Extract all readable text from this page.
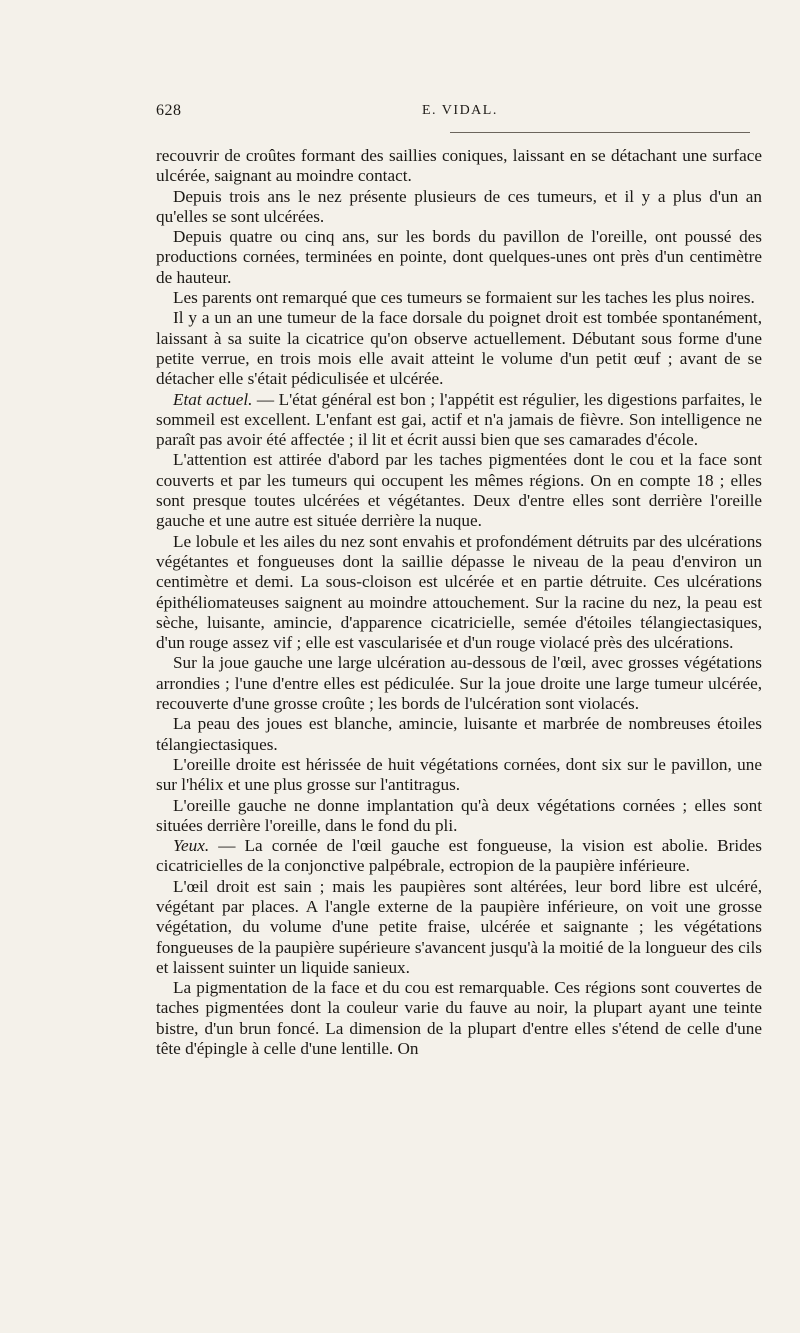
628	E. VIDAL.

recouvrir de croûtes formant des saillies coniques, laissant en se détachant une surface ulcérée, saignant au moindre contact.

Depuis trois ans le nez présente plusieurs de ces tumeurs, et il y a plus d'un an qu'elles se sont ulcérées.

Depuis quatre ou cinq ans, sur les bords du pavillon de l'oreille, ont poussé des productions cornées, terminées en pointe, dont quelques-unes ont près d'un centimètre de hauteur.

Les parents ont remarqué que ces tumeurs se formaient sur les taches les plus noires.

Il y a un an une tumeur de la face dorsale du poignet droit est tombée spontanément, laissant à sa suite la cicatrice qu'on observe actuellement. Débutant sous forme d'une petite verrue, en trois mois elle avait atteint le volume d'un petit œuf ; avant de se détacher elle s'était pédiculisée et ulcérée.

Etat actuel. — L'état général est bon ; l'appétit est régulier, les digestions parfaites, le sommeil est excellent. L'enfant est gai, actif et n'a jamais de fièvre. Son intelligence ne paraît pas avoir été affectée ; il lit et écrit aussi bien que ses camarades d'école.

L'attention est attirée d'abord par les taches pigmentées dont le cou et la face sont couverts et par les tumeurs qui occupent les mêmes régions. On en compte 18 ; elles sont presque toutes ulcérées et végétantes. Deux d'entre elles sont derrière l'oreille gauche et une autre est située derrière la nuque.

Le lobule et les ailes du nez sont envahis et profondément détruits par des ulcérations végétantes et fongueuses dont la saillie dépasse le niveau de la peau d'environ un centimètre et demi. La sous-cloison est ulcérée et en partie détruite. Ces ulcérations épithéliomateuses saignent au moindre attouchement. Sur la racine du nez, la peau est sèche, luisante, amincie, d'apparence cicatricielle, semée d'étoiles télangiectasiques, d'un rouge assez vif ; elle est vascularisée et d'un rouge violacé près des ulcérations.

Sur la joue gauche une large ulcération au-dessous de l'œil, avec grosses végétations arrondies ; l'une d'entre elles est pédiculée. Sur la joue droite une large tumeur ulcérée, recouverte d'une grosse croûte ; les bords de l'ulcération sont violacés.

La peau des joues est blanche, amincie, luisante et marbrée de nombreuses étoiles télangiectasiques.

L'oreille droite est hérissée de huit végétations cornées, dont six sur le pavillon, une sur l'hélix et une plus grosse sur l'antitragus.

L'oreille gauche ne donne implantation qu'à deux végétations cornées ; elles sont situées derrière l'oreille, dans le fond du pli.

Yeux. — La cornée de l'œil gauche est fongueuse, la vision est abolie. Brides cicatricielles de la conjonctive palpébrale, ectropion de la paupière inférieure.

L'œil droit est sain ; mais les paupières sont altérées, leur bord libre est ulcéré, végétant par places. A l'angle externe de la paupière inférieure, on voit une grosse végétation, du volume d'une petite fraise, ulcérée et saignante ; les végétations fongueuses de la paupière supérieure s'avancent jusqu'à la moitié de la longueur des cils et laissent suinter un liquide sanieux.

La pigmentation de la face et du cou est remarquable. Ces régions sont couvertes de taches pigmentées dont la couleur varie du fauve au noir, la plupart ayant une teinte bistre, d'un brun foncé. La dimension de la plupart d'entre elles s'étend de celle d'une tête d'épingle à celle d'une lentille. On
